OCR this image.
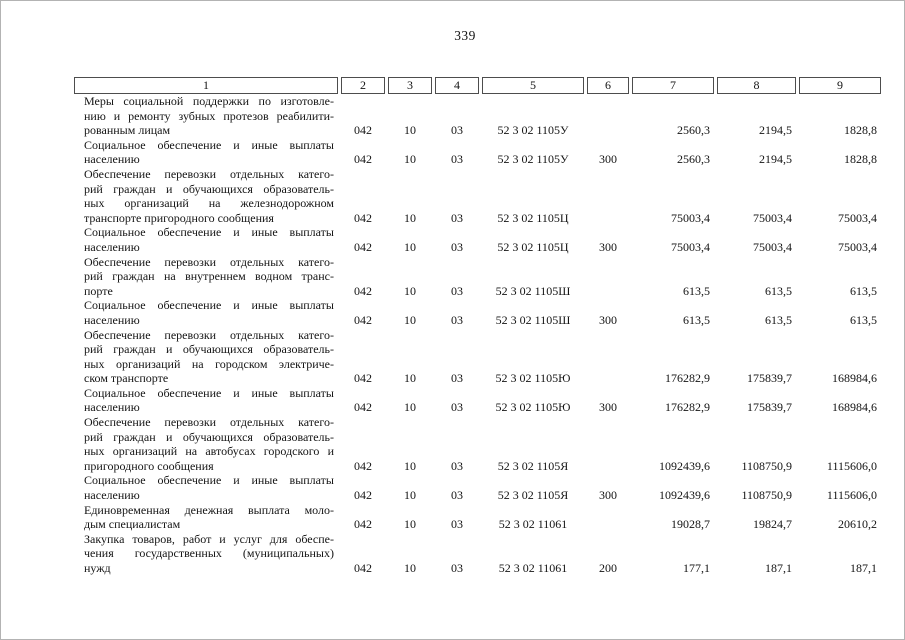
339
1	2	3	4	5	6	7	8	9

Меры социальной поддержки по изготовле-
нию и ремонту зубных протезов реабилити-
рованным лицам	042	10	03	52 3 02 1105У		2560,3	2194,5	1828,8

Социальное обеспечение и иные выплаты
населению	042	10	03	52 3 02 1105У	300	2560,3	2194,5	1828,8

Обеспечение перевозки отдельных катего-
рий граждан и обучающихся образователь-
ных организаций на железнодорожном
транспорте пригородного сообщения	042	10	03	52 3 02 1105Ц		75003,4	75003,4	75003,4

Социальное обеспечение и иные выплаты
населению	042	10	03	52 3 02 1105Ц	300	75003,4	75003,4	75003,4

Обеспечение перевозки отдельных катего-
рий граждан на внутреннем водном транс-
порте	042	10	03	52 3 02 1105Ш		613,5	613,5	613,5

Социальное обеспечение и иные выплаты
населению	042	10	03	52 3 02 1105Ш	300	613,5	613,5	613,5

Обеспечение перевозки отдельных катего-
рий граждан и обучающихся образователь-
ных организаций на городском электриче-
ском транспорте	042	10	03	52 3 02 1105Ю		176282,9	175839,7	168984,6

Социальное обеспечение и иные выплаты
населению	042	10	03	52 3 02 1105Ю	300	176282,9	175839,7	168984,6

Обеспечение перевозки отдельных катего-
рий граждан и обучающихся образователь-
ных организаций на автобусах городского и
пригородного сообщения	042	10	03	52 3 02 1105Я		1092439,6	1108750,9	1115606,0

Социальное обеспечение и иные выплаты
населению	042	10	03	52 3 02 1105Я	300	1092439,6	1108750,9	1115606,0

Единовременная денежная выплата моло-
дым специалистам	042	10	03	52 3 02 11061		19028,7	19824,7	20610,2

Закупка товаров, работ и услуг для обеспе-
чения государственных (муниципальных)
нужд	042	10	03	52 3 02 11061	200	177,1	187,1	187,1
